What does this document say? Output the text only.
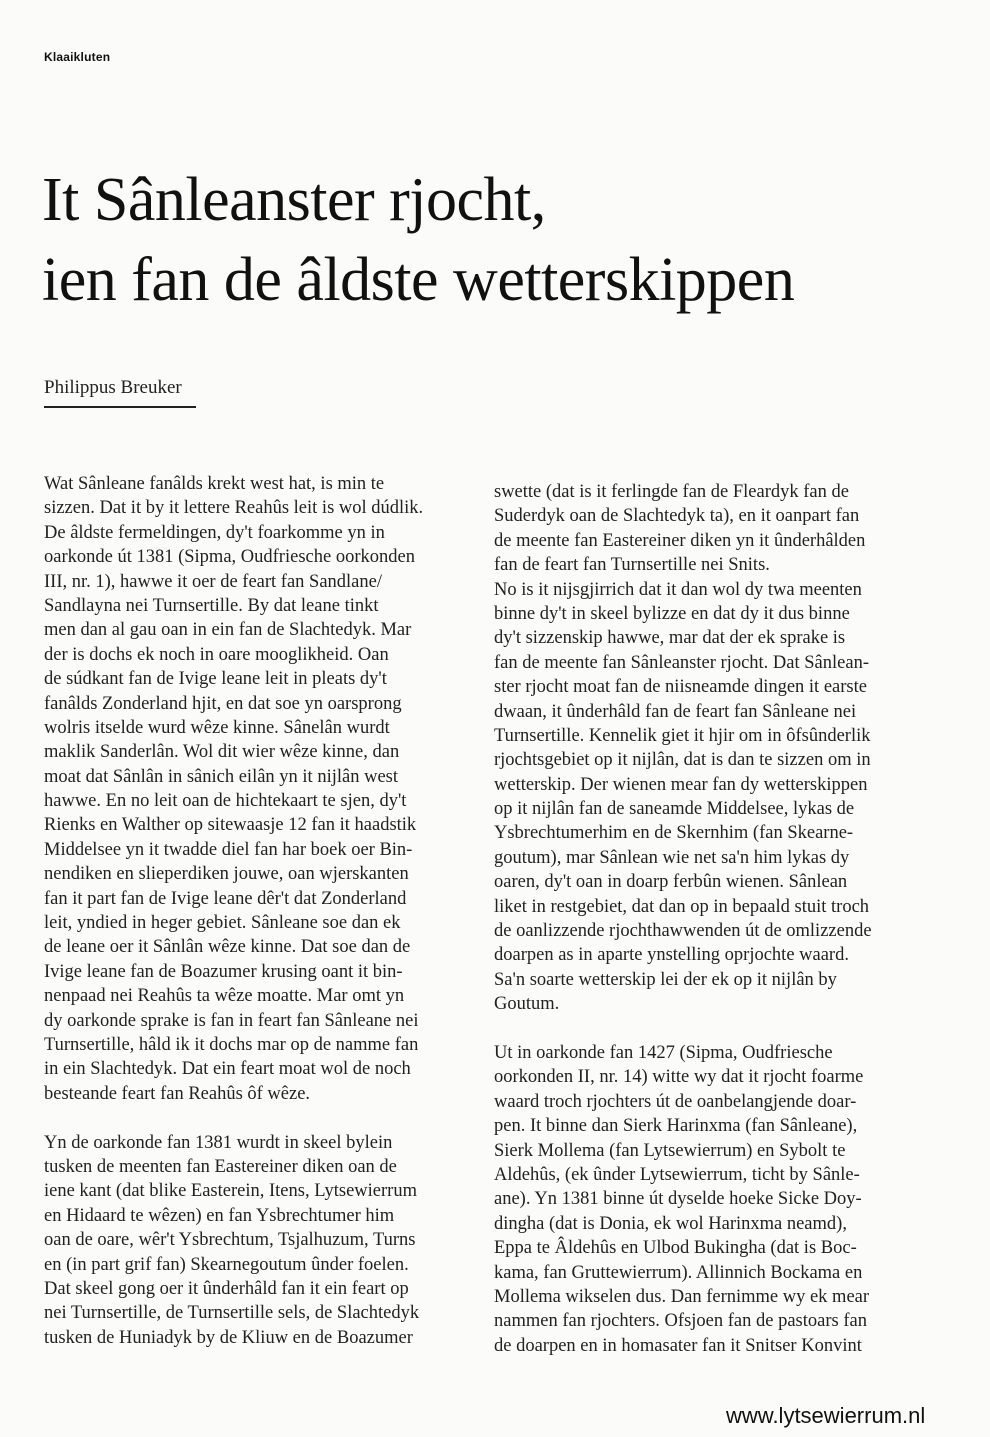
Klaaikluten
It Sânleanster rjocht,
ien fan de âldste wetterskippen
Philippus Breuker
Wat Sânleane fanâlds krekt west hat, is min te
sizzen. Dat it by it lettere Reahûs leit is wol dúdlik.
De âldste fermeldingen, dy't foarkomme yn in
oarkonde út 1381 (Sipma, Oudfriesche oorkonden
III, nr. 1), hawwe it oer de feart fan Sandlane/
Sandlayna nei Turnsertille. By dat leane tinkt
men dan al gau oan in ein fan de Slachtedyk. Mar
der is dochs ek noch in oare mooglikheid. Oan
de súdkant fan de Ivige leane leit in pleats dy't
fanâlds Zonderland hjit, en dat soe yn oarsprong
wolris itselde wurd wêze kinne. Sânelân wurdt
maklik Sanderlân. Wol dit wier wêze kinne, dan
moat dat Sânlân in sânich eilân yn it nijlân west
hawwe. En no leit oan de hichtekaart te sjen, dy't
Rienks en Walther op sitewaasje 12 fan it haadstik
Middelsee yn it twadde diel fan har boek oer Bin-
nendiken en slieperdiken jouwe, oan wjerskanten
fan it part fan de Ivige leane dêr't dat Zonderland
leit, yndied in heger gebiet. Sânleane soe dan ek
de leane oer it Sânlân wêze kinne. Dat soe dan de
Ivige leane fan de Boazumer krusing oant it bin-
nenpaad nei Reahûs ta wêze moatte. Mar omt yn
dy oarkonde sprake is fan in feart fan Sânleane nei
Turnsertille, hâld ik it dochs mar op de namme fan
in ein Slachtedyk. Dat ein feart moat wol de noch
besteande feart fan Reahûs ôf wêze.
Yn de oarkonde fan 1381 wurdt in skeel bylein
tusken de meenten fan Eastereiner diken oan de
iene kant (dat blike Easterein, Itens, Lytsewierrum
en Hidaard te wêzen) en fan Ysbrechtumer him
oan de oare, wêr't Ysbrechtum, Tsjalhuzum, Turns
en (in part grif fan) Skearnegoutum ûnder foelen.
Dat skeel gong oer it ûnderhâld fan it ein feart op
nei Turnsertille, de Turnsertille sels, de Slachtedyk
tusken de Huniadyk by de Kliuw en de Boazumer
swette (dat is it ferlingde fan de Fleardyk fan de
Suderdyk oan de Slachtedyk ta), en it oanpart fan
de meente fan Eastereiner diken yn it ûnderhâlden
fan de feart fan Turnsertille nei Snits.
No is it nijsgjirrich dat it dan wol dy twa meenten
binne dy't in skeel bylizze en dat dy it dus binne
dy't sizzenskip hawwe, mar dat der ek sprake is
fan de meente fan Sânleanster rjocht. Dat Sânlean-
ster rjocht moat fan de niisneamde dingen it earste
dwaan, it ûnderhâld fan de feart fan Sânleane nei
Turnsertille. Kennelik giet it hjir om in ôfsûnderlik
rjochtsgebiet op it nijlân, dat is dan te sizzen om in
wetterskip. Der wienen mear fan dy wetterskippen
op it nijlân fan de saneamde Middelsee, lykas de
Ysbrechtumerhim en de Skernhim (fan Skearne-
goutum), mar Sânlean wie net sa'n him lykas dy
oaren, dy't oan in doarp ferbûn wienen. Sânlean
liket in restgebiet, dat dan op in bepaald stuit troch
de oanlizzende rjochthawwenden út de omlizzende
doarpen as in aparte ynstelling oprjochte waard.
Sa'n soarte wetterskip lei der ek op it nijlân by
Goutum.
Ut in oarkonde fan 1427 (Sipma, Oudfriesche
oorkonden II, nr. 14) witte wy dat it rjocht foarme
waard troch rjochters út de oanbelangjende doar-
pen. It binne dan Sierk Harinxma (fan Sânleane),
Sierk Mollema (fan Lytsewierrum) en Sybolt te
Aldehûs, (ek ûnder Lytsewierrum, ticht by Sânle-
ane). Yn 1381 binne út dyselde hoeke Sicke Doy-
dingha (dat is Donia, ek wol Harinxma neamd),
Eppa te Âldehûs en Ulbod Bukingha (dat is Boc-
kama, fan Gruttewierrum). Allinnich Bockama en
Mollema wikselen dus. Dan fernimme wy ek mear
nammen fan rjochters. Ofsjoen fan de pastoars fan
de doarpen en in homasater fan it Snitser Konvint
www.lytsewierrum.nl
